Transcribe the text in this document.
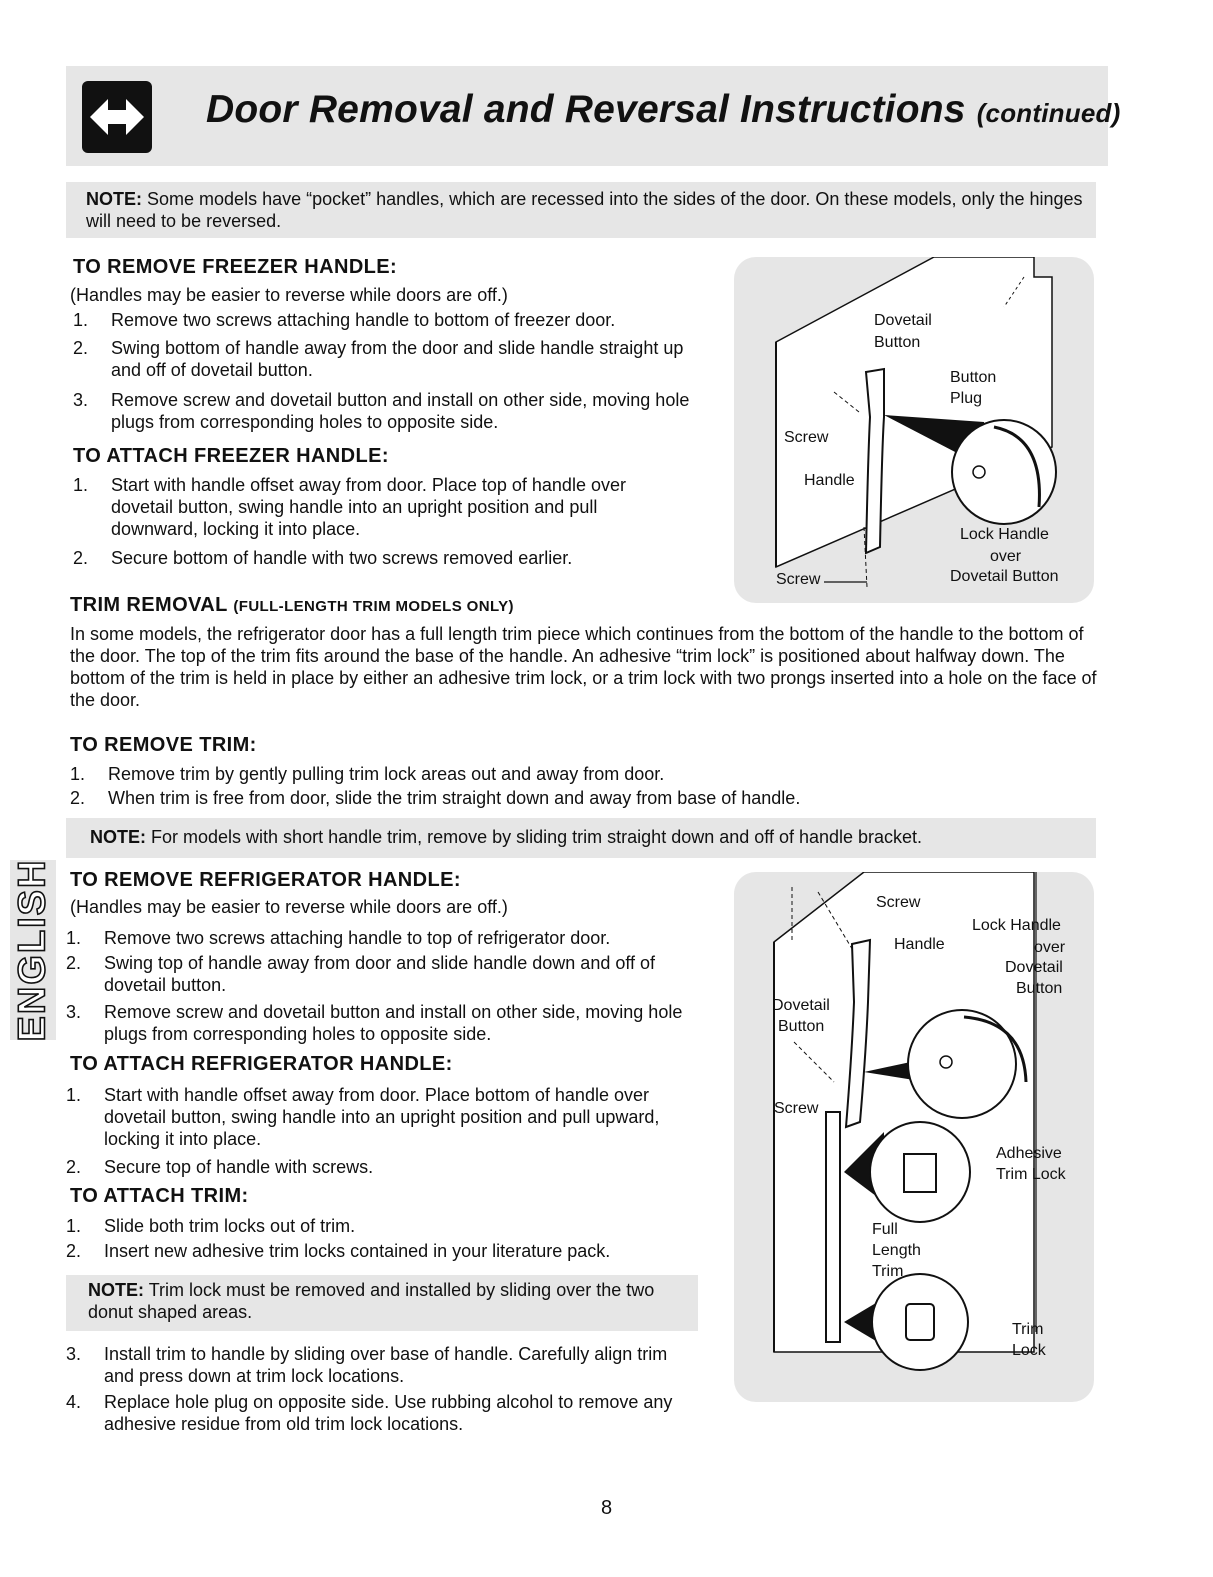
Door Removal and Reversal Instructions (continued)
NOTE: Some models have “pocket” handles, which are recessed into the sides of the door. On these models, only the hinges will need to be reversed.
TO REMOVE FREEZER HANDLE:
(Handles may be easier to reverse while doors are off.)
1. Remove two screws attaching handle to bottom of freezer door.
2. Swing bottom of handle away from the door and slide handle straight up and off of dovetail button.
3. Remove screw and dovetail button and install on other side, moving hole plugs from corresponding holes to opposite side.
TO ATTACH FREEZER HANDLE:
1. Start with handle offset away from door. Place top of handle over dovetail button, swing handle into an upright position and pull downward, locking it into place.
2. Secure bottom of handle with two screws removed earlier.
Dovetail
Button
Button
Plug
Screw
Handle
Lock Handle
over
Dovetail Button
Screw
TRIM REMOVAL (FULL-LENGTH TRIM MODELS ONLY)
In some models, the refrigerator door has a full length trim piece which continues from the bottom of the handle to the bottom of the door. The top of the trim fits around the base of the handle. An adhesive “trim lock” is positioned about halfway down. The bottom of the trim is held in place by either an adhesive trim lock, or a trim lock with two prongs inserted into a hole on the face of the door.
TO REMOVE TRIM:
1. Remove trim by gently pulling trim lock areas out and away from door.
2. When trim is free from door, slide the trim straight down and away from base of handle.
NOTE: For models with short handle trim, remove by sliding trim straight down and off of handle bracket.
ENGLISH TO REMOVE REFRIGERATOR HANDLE:
(Handles may be easier to reverse while doors are off.)
1. Remove two screws attaching handle to top of refrigerator door.
2. Swing top of handle away from door and slide handle down and off of dovetail button.
3. Remove screw and dovetail button and install on other side, moving hole plugs from corresponding holes to opposite side.
TO ATTACH REFRIGERATOR HANDLE:
1. Start with handle offset away from door. Place bottom of handle over dovetail button, swing handle into an upright position and pull upward, locking it into place.
2. Secure top of handle with screws.
TO ATTACH TRIM:
1. Slide both trim locks out of trim.
2. Insert new adhesive trim locks contained in your literature pack.
NOTE: Trim lock must be removed and installed by sliding over the two donut shaped areas.
3. Install trim to handle by sliding over base of handle. Carefully align trim and press down at trim lock locations.
4. Replace hole plug on opposite side. Use rubbing alcohol to remove any adhesive residue from old trim lock locations.
Screw
Handle
Lock Handle
over
Dovetail
Button
Dovetail
Button
Screw
Adhesive
Trim Lock
Full
Length
Trim
Trim
Lock
8
